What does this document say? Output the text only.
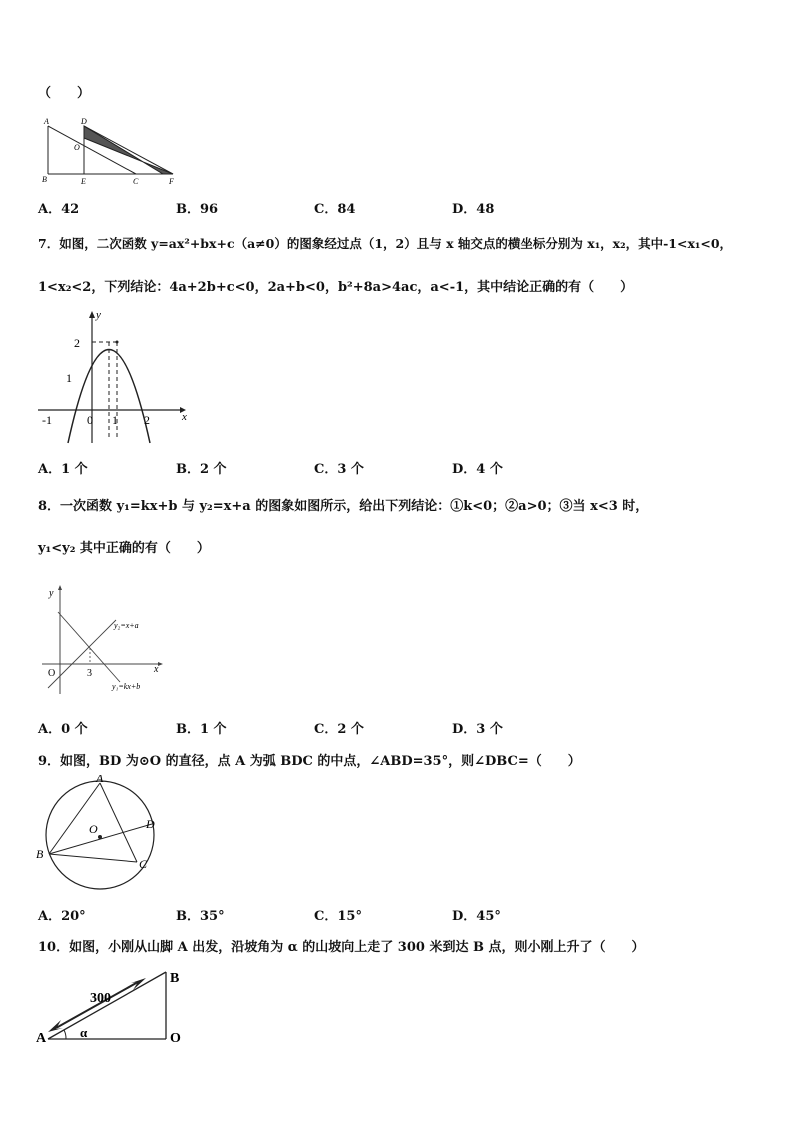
（　　）
A	D
O
B	E	C	F
A．42	B．96	C．84	D．48
7．如图，二次函数 y=ax²+bx+c（a≠0）的图象经过点（1，2）且与 x 轴交点的横坐标分别为 x₁，x₂，其中-1<x₁<0，
1<x₂<2，下列结论：4a+2b+c<0，2a+b<0，b²+8a>4ac，a<-1，其中结论正确的有（　　）
y
x
2
1
-1	0 1 2
A．1 个	B．2 个	C．3 个	D．4 个
8．一次函数 y₁=kx+b 与 y₂=x+a 的图象如图所示，给出下列结论：①k<0；②a>0；③当 x<3 时，
y₁<y₂ 其中正确的有（　　）
y
x
O	3
y₂=x+a
y₁=kx+b
A．0 个	B．1 个	C．2 个	D．3 个
9．如图，BD 为⊙O 的直径，点 A 为弧 BDC 的中点，∠ABD=35°，则∠DBC=（　　）
A
O	D
B
C
A．20°	B．35°	C．15°	D．45°
10．如图，小刚从山脚 A 出发，沿坡角为 α 的山坡向上走了 300 米到达 B 点，则小刚上升了（　　）
300
B
A	O
α
